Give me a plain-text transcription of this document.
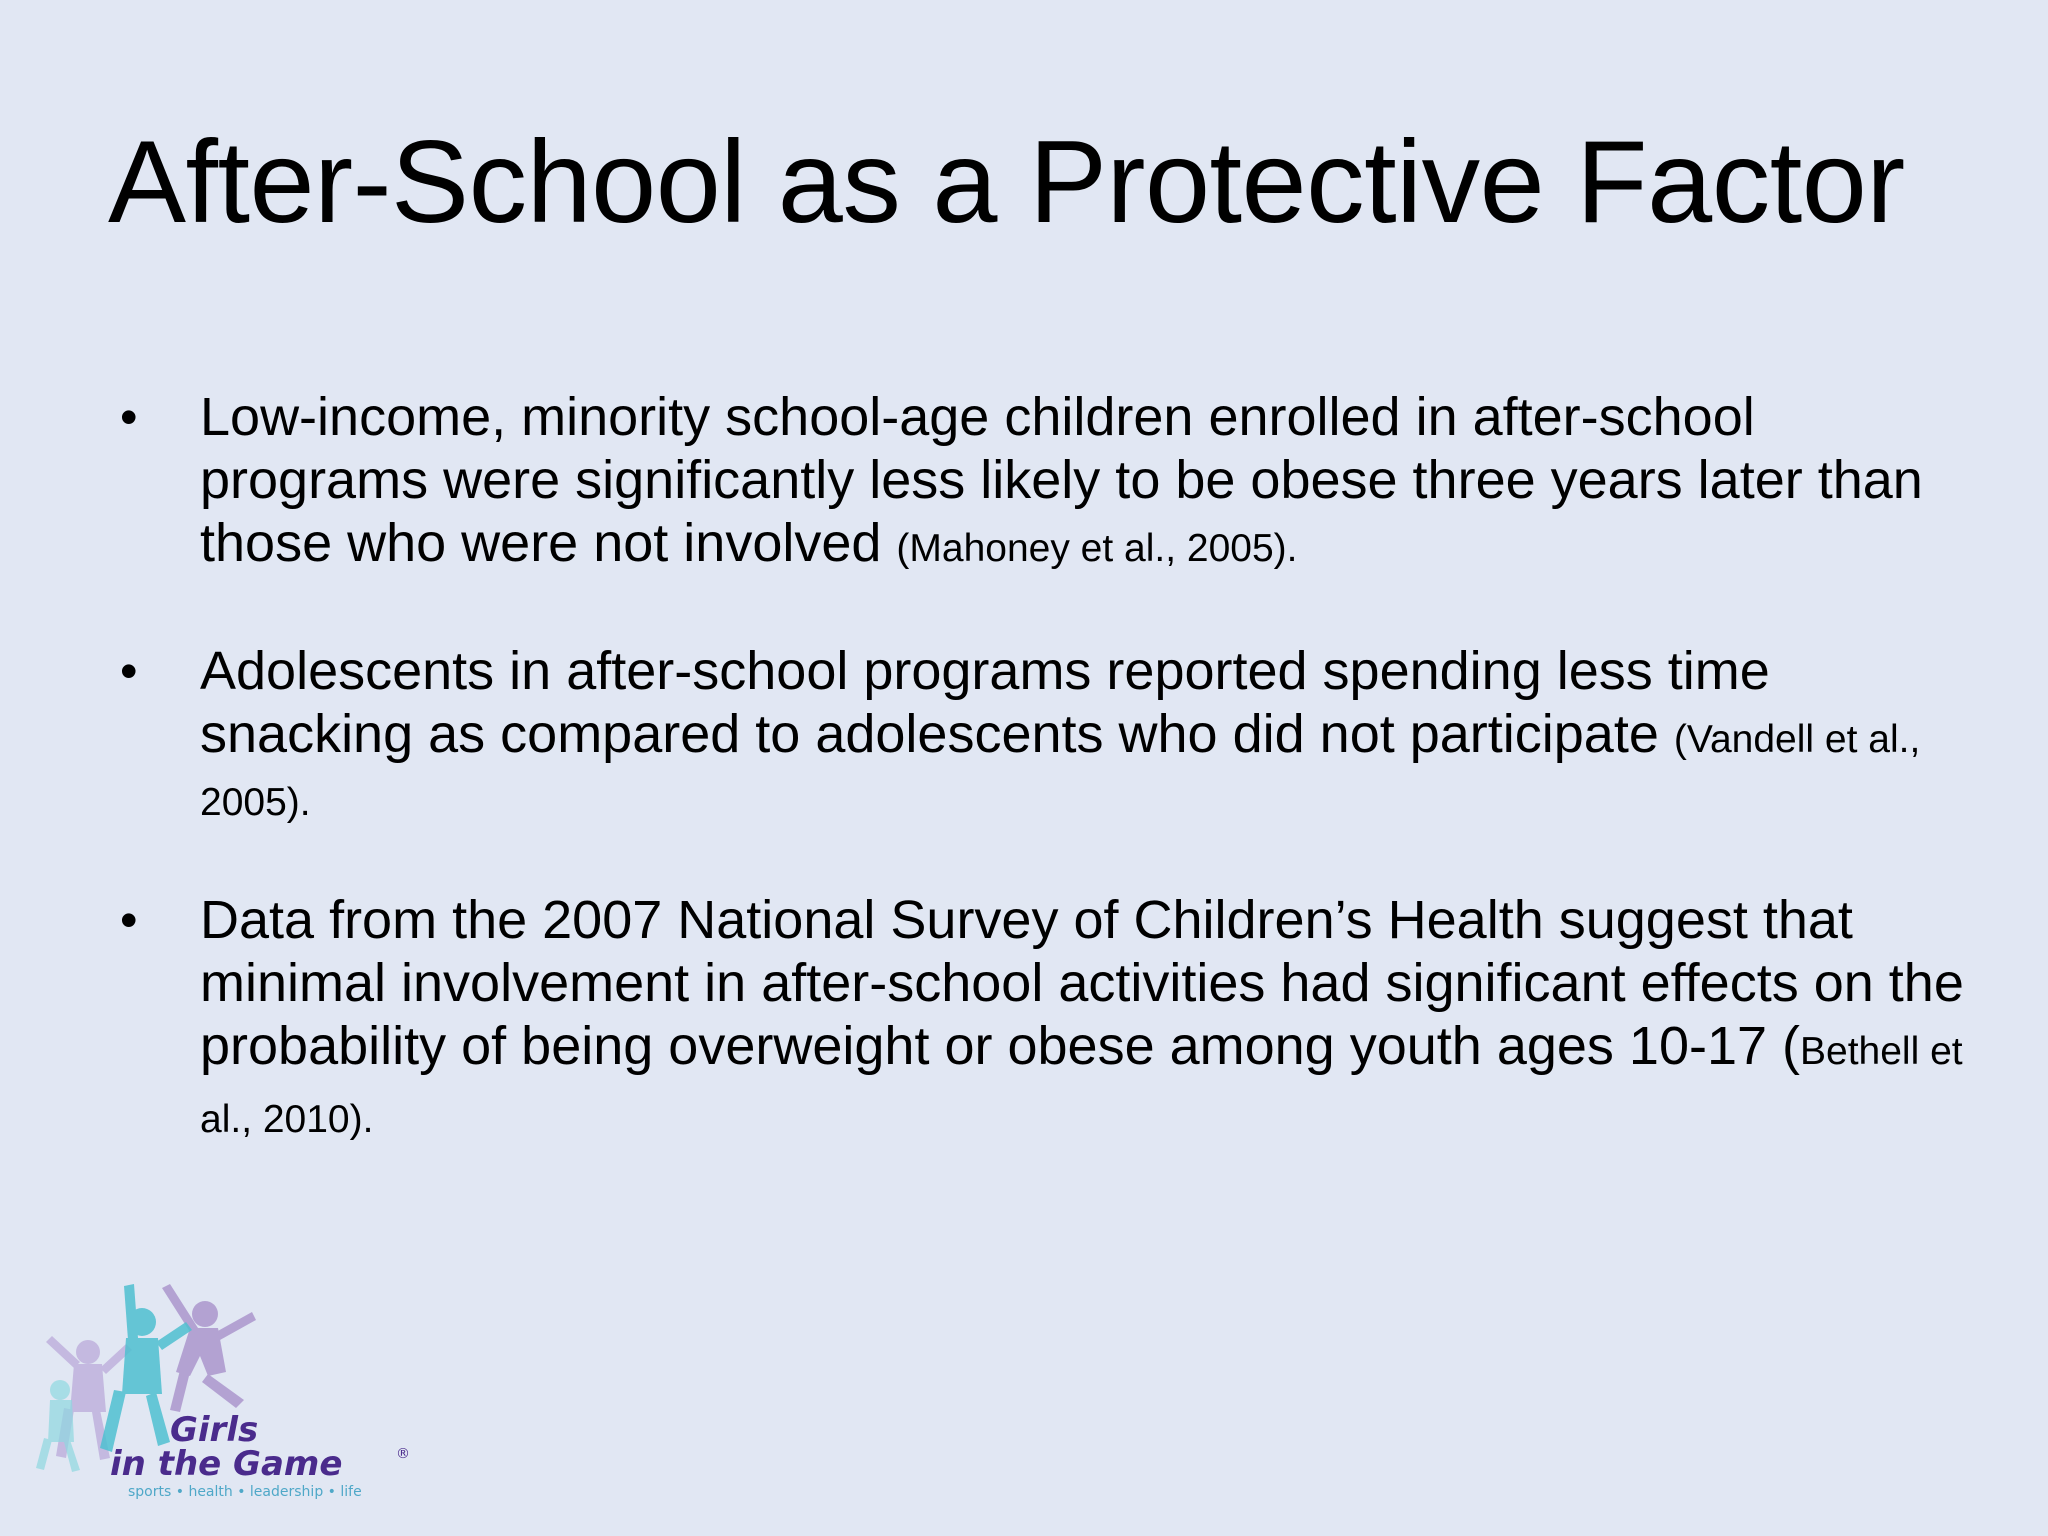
After-School as a Protective Factor
• Low-income, minority school-age children enrolled in after-school programs were significantly less likely to be obese three years later than those who were not involved (Mahoney et al., 2005).
• Adolescents in after-school programs reported spending less time snacking as compared to adolescents who did not participate (Vandell et al., 2005).
• Data from the 2007 National Survey of Children’s Health suggest that minimal involvement in after-school activities had significant effects on the probability of being overweight or obese among youth ages 10-17 (Bethell et al., 2010).
Girls
in the Game	®
sports • health • leadership • life
